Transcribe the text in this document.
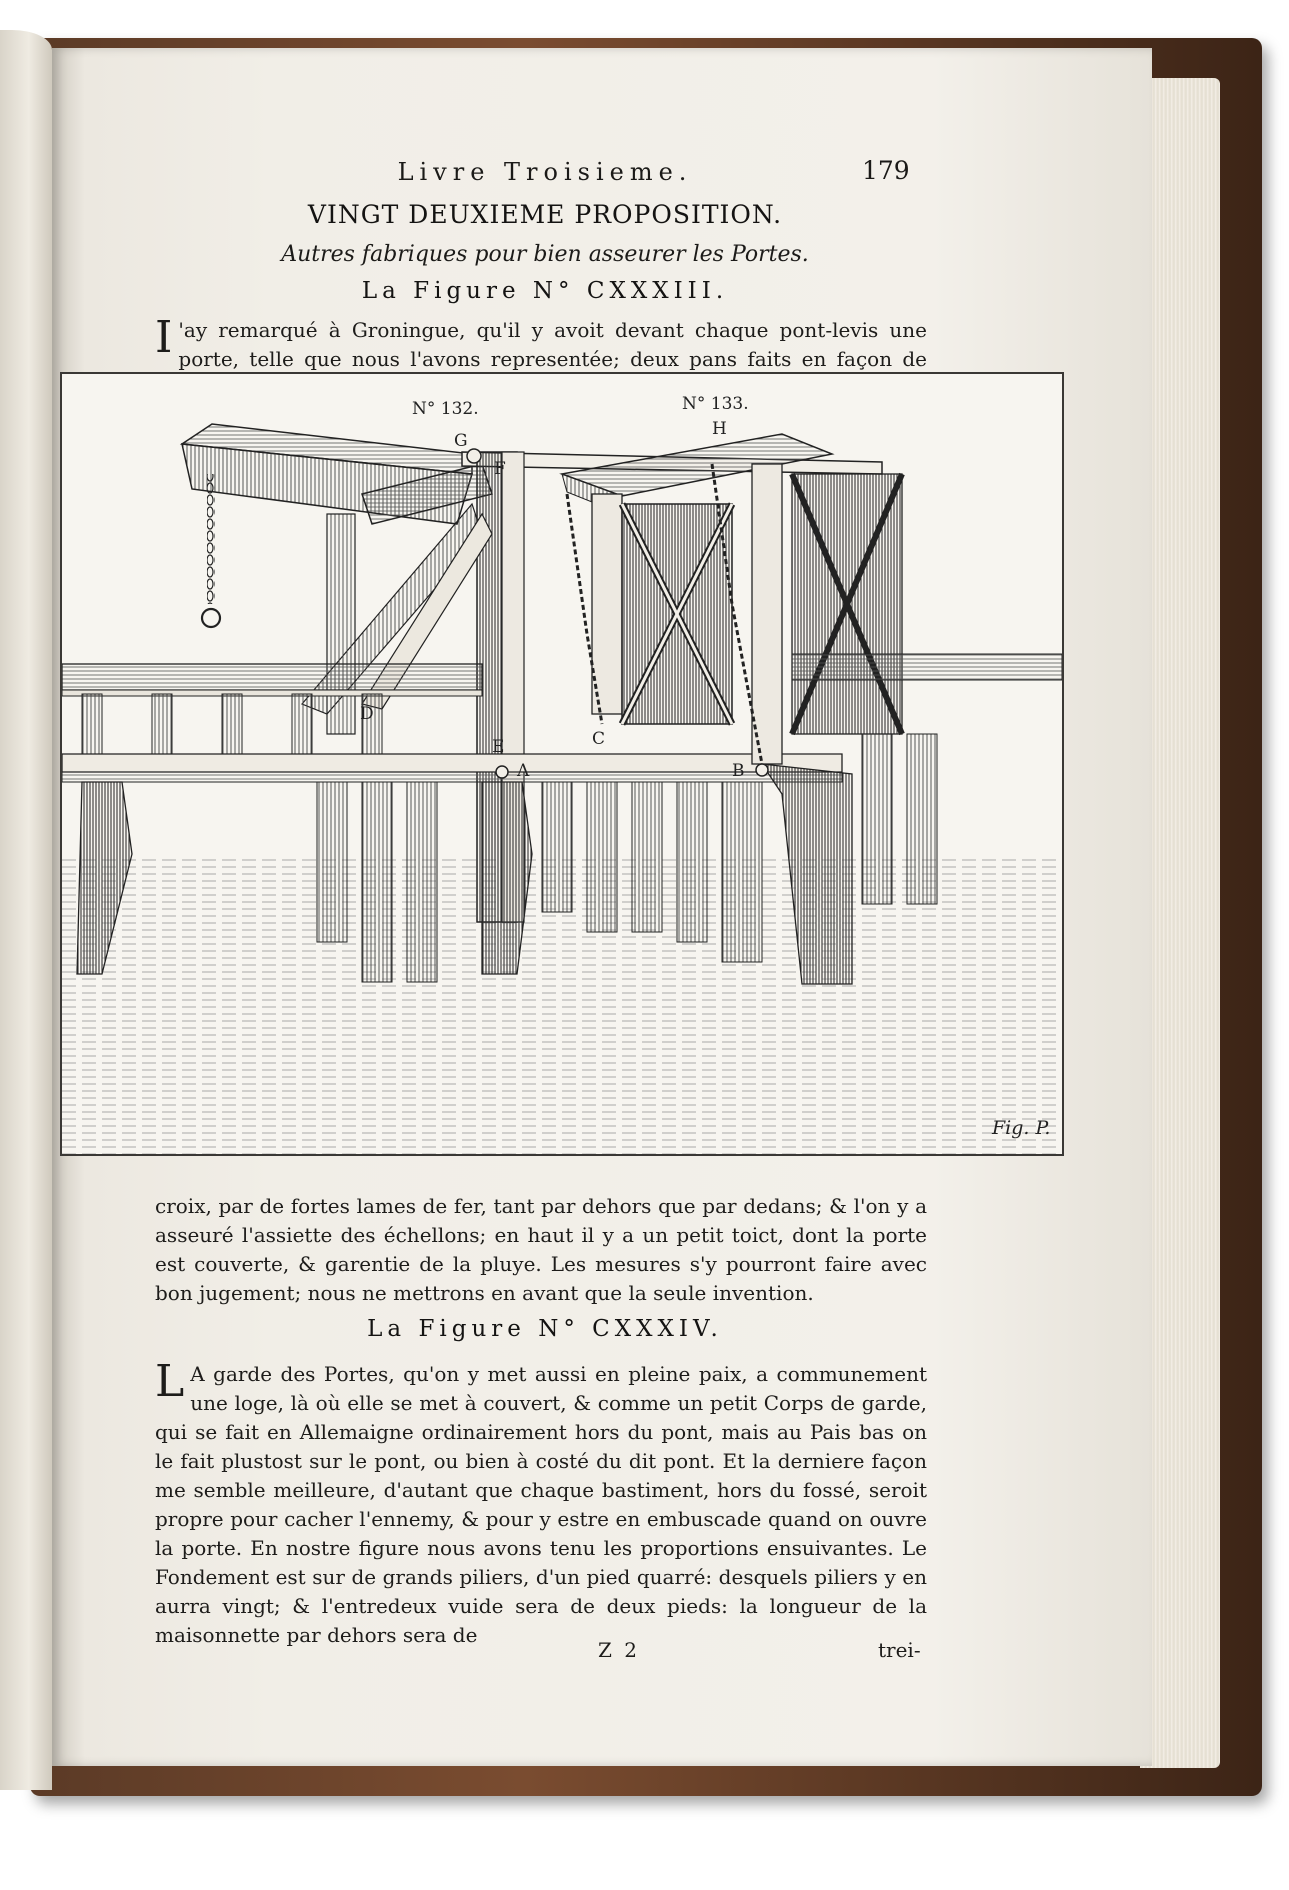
Livre Troisieme.	179
VINGT DEUXIEME PROPOSITION.
Autres fabriques pour bien asseurer les Portes.
La Figure N° CXXXIII.

I 'ay remarqué à Groningue, qu'il y avoit devant chaque pont-levis une porte, telle que nous l'avons representée; deux pans faits en façon de

N° 132.	N° 133.
G
H
F
E
A	B
C
D
Fig. P.

croix, par de fortes lames de fer, tant par dehors que par dedans; & l'on y a asseuré l'assiette des échellons; en haut il y a un petit toict, dont la porte est couverte, & garentie de la pluye. Les mesures s'y pourront faire avec bon jugement; nous ne mettrons en avant que la seule invention.

La Figure N° CXXXIV.

L A garde des Portes, qu'on y met aussi en pleine paix, a communement une loge, là où elle se met à couvert, & comme un petit Corps de garde, qui se fait en Allemaigne ordinairement hors du pont, mais au Pais bas on le fait plustost sur le pont, ou bien à costé du dit pont. Et la derniere façon me semble meilleure, d'autant que chaque bastiment, hors du fossé, seroit propre pour cacher l'ennemy, & pour y estre en embuscade quand on ouvre la porte. En nostre figure nous avons tenu les proportions ensuivantes. Le Fondement est sur de grands piliers, d'un pied quarré: desquels piliers y en aurra vingt; & l'entredeux vuide sera de deux pieds: la longueur de la maisonnette par dehors sera de

Z 2	trei-
